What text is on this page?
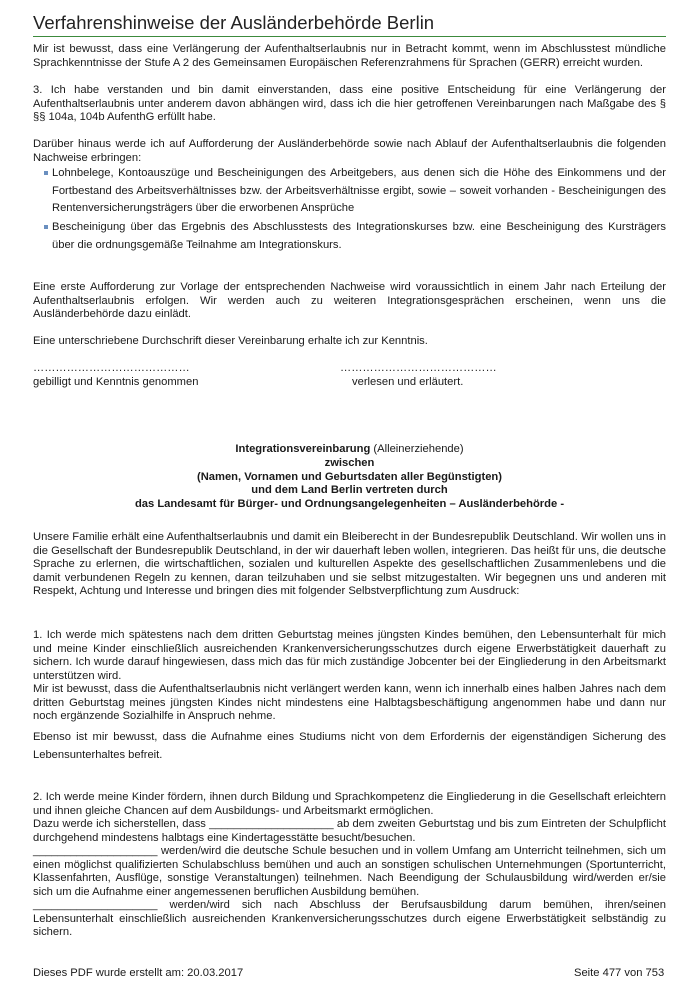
Verfahrenshinweise der Ausländerbehörde Berlin

Mir ist bewusst, dass eine Verlängerung der Aufenthaltserlaubnis nur in Betracht kommt, wenn im Abschlusstest mündliche Sprachkenntnisse der Stufe A 2 des Gemeinsamen Europäischen Referenzrahmens für Sprachen (GERR) erreicht wurden.

3. Ich habe verstanden und bin damit einverstanden, dass eine positive Entscheidung für eine Verlängerung der Aufenthaltserlaubnis unter anderem davon abhängen wird, dass ich die hier getroffenen Vereinbarungen nach Maßgabe des § §§ 104a, 104b AufenthG erfüllt habe.

Darüber hinaus werde ich auf Aufforderung der Ausländerbehörde sowie nach Ablauf der Aufenthaltserlaubnis die folgenden Nachweise erbringen:

Lohnbelege, Kontoauszüge und Bescheinigungen des Arbeitgebers, aus denen sich die Höhe des Einkommens und der Fortbestand des Arbeitsverhältnisses bzw. der Arbeitsverhältnisse ergibt, sowie – soweit vorhanden - Bescheinigungen des Rentenversicherungsträgers über die erworbenen Ansprüche
Bescheinigung über das Ergebnis des Abschlusstests des Integrationskurses bzw. eine Bescheinigung des Kursträgers über die ordnungsgemäße Teilnahme am Integrationskurs.

Eine erste Aufforderung zur Vorlage der entsprechenden Nachweise wird voraussichtlich in einem Jahr nach Erteilung der Aufenthaltserlaubnis erfolgen. Wir werden auch zu weiteren Integrationsgesprächen erscheinen, wenn uns die Ausländerbehörde dazu einlädt.

Eine unterschriebene Durchschrift dieser Vereinbarung erhalte ich zur Kenntnis.

……………………………………
gebilligt und Kenntnis genommen
……………………………………
verlesen und erläutert.
Integrationsvereinbarung (Alleinerziehende)
zwischen
(Namen, Vornamen und Geburtsdaten aller Begünstigten)
und dem Land Berlin vertreten durch
das Landesamt für Bürger- und Ordnungsangelegenheiten – Ausländerbehörde -

Unsere Familie erhält eine Aufenthaltserlaubnis und damit ein Bleiberecht in der Bundesrepublik Deutschland. Wir wollen uns in die Gesellschaft der Bundesrepublik Deutschland, in der wir dauerhaft leben wollen, integrieren. Das heißt für uns, die deutsche Sprache zu erlernen, die wirtschaftlichen, sozialen und kulturellen Aspekte des gesellschaftlichen Zusammenlebens und die damit verbundenen Regeln zu kennen, daran teilzuhaben und sie selbst mitzugestalten. Wir begegnen uns und anderen mit Respekt, Achtung und Interesse und bringen dies mit folgender Selbstverpflichtung zum Ausdruck:

1. Ich werde mich spätestens nach dem dritten Geburtstag meines jüngsten Kindes bemühen, den Lebensunterhalt für mich und meine Kinder einschließlich ausreichenden Krankenversicherungsschutzes durch eigene Erwerbstätigkeit dauerhaft zu sichern. Ich wurde darauf hingewiesen, dass mich das für mich zuständige Jobcenter bei der Eingliederung in den Arbeitsmarkt unterstützen wird.

Mir ist bewusst, dass die Aufenthaltserlaubnis nicht verlängert werden kann, wenn ich innerhalb eines halben Jahres nach dem dritten Geburtstag meines jüngsten Kindes nicht mindestens eine Halbtagsbeschäftigung angenommen habe und dann nur noch ergänzende Sozialhilfe in Anspruch nehme.

Ebenso ist mir bewusst, dass die Aufnahme eines Studiums nicht von dem Erfordernis der eigenständigen Sicherung des Lebensunterhaltes befreit.

2. Ich werde meine Kinder fördern, ihnen durch Bildung und Sprachkompetenz die Eingliederung in die Gesellschaft erleichtern und ihnen gleiche Chancen auf dem Ausbildungs- und Arbeitsmarkt ermöglichen.

Dazu werde ich sicherstellen, dass ____________________ ab dem zweiten Geburtstag und bis zum Eintreten der Schulpflicht durchgehend mindestens halbtags eine Kindertagesstätte besucht/besuchen.

____________________ werden/wird die deutsche Schule besuchen und in vollem Umfang am Unterricht teilnehmen, sich um einen möglichst qualifizierten Schulabschluss bemühen und auch an sonstigen schulischen Unternehmungen (Sportunterricht, Klassenfahrten, Ausflüge, sonstige Veranstaltungen) teilnehmen. Nach Beendigung der Schulausbildung wird/werden er/sie sich um die Aufnahme einer angemessenen beruflichen Ausbildung bemühen.

____________________ werden/wird sich nach Abschluss der Berufsausbildung darum bemühen, ihren/seinen Lebensunterhalt einschließlich ausreichenden Krankenversicherungsschutzes durch eigene Erwerbstätigkeit selbständig zu sichern.

Dieses PDF wurde erstellt am: 20.03.2017	Seite 477 von 753
